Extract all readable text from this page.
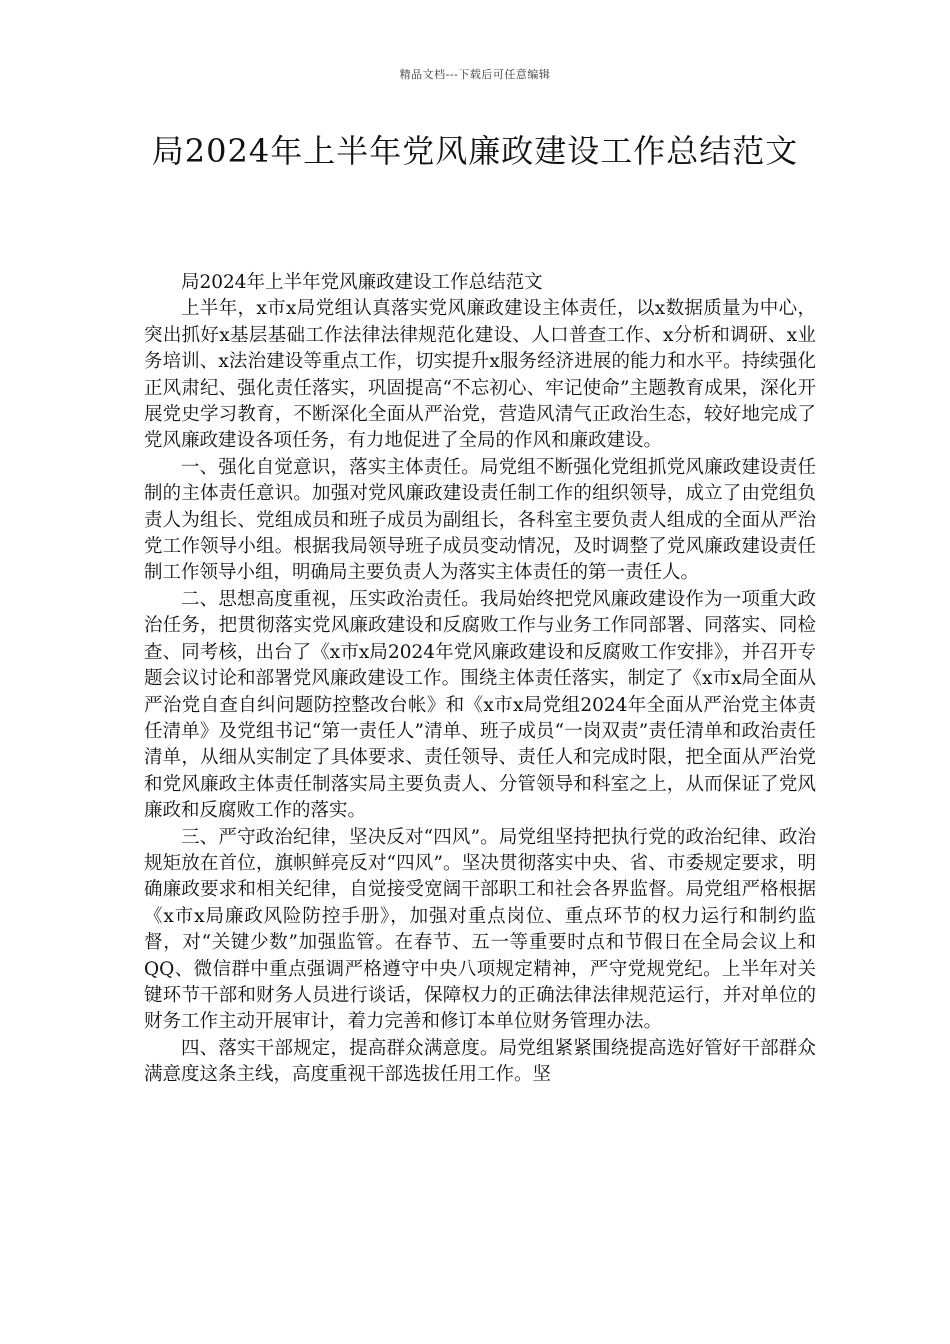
精品文档---下载后可任意编辑
局2024年上半年党风廉政建设工作总结范文

局2024年上半年党风廉政建设工作总结范文

上半年，x市x局党组认真落实党风廉政建设主体责任，以x数据质量为中心，突出抓好x基层基础工作法律法律规范化建设、人口普查工作、x分析和调研、x业务培训、x法治建设等重点工作，切实提升x服务经济进展的能力和水平。持续强化正风肃纪、强化责任落实，巩固提高“不忘初心、牢记使命”主题教育成果，深化开展党史学习教育，不断深化全面从严治党，营造风清气正政治生态，较好地完成了党风廉政建设各项任务，有力地促进了全局的作风和廉政建设。

一、强化自觉意识，落实主体责任。局党组不断强化党组抓党风廉政建设责任制的主体责任意识。加强对党风廉政建设责任制工作的组织领导，成立了由党组负责人为组长、党组成员和班子成员为副组长，各科室主要负责人组成的全面从严治党工作领导小组。根据我局领导班子成员变动情况，及时调整了党风廉政建设责任制工作领导小组，明确局主要负责人为落实主体责任的第一责任人。

二、思想高度重视，压实政治责任。我局始终把党风廉政建设作为一项重大政治任务，把贯彻落实党风廉政建设和反腐败工作与业务工作同部署、同落实、同检查、同考核，出台了《x市x局2024年党风廉政建设和反腐败工作安排》，并召开专题会议讨论和部署党风廉政建设工作。围绕主体责任落实，制定了《x市x局全面从严治党自查自纠问题防控整改台帐》和《x市x局党组2024年全面从严治党主体责任清单》及党组书记“第一责任人”清单、班子成员“一岗双责”责任清单和政治责任清单，从细从实制定了具体要求、责任领导、责任人和完成时限，把全面从严治党和党风廉政主体责任制落实局主要负责人、分管领导和科室之上，从而保证了党风廉政和反腐败工作的落实。

三、严守政治纪律，坚决反对“四风”。局党组坚持把执行党的政治纪律、政治规矩放在首位，旗帜鲜亮反对“四风”。坚决贯彻落实中央、省、市委规定要求，明确廉政要求和相关纪律，自觉接受宽阔干部职工和社会各界监督。局党组严格根据《x市x局廉政风险防控手册》，加强对重点岗位、重点环节的权力运行和制约监督，对“关键少数”加强监管。在春节、五一等重要时点和节假日在全局会议上和QQ、微信群中重点强调严格遵守中央八项规定精神，严守党规党纪。上半年对关键环节干部和财务人员进行谈话，保障权力的正确法律法律规范运行，并对单位的财务工作主动开展审计，着力完善和修订本单位财务管理办法。

四、落实干部规定，提高群众满意度。局党组紧紧围绕提高选好管好干部群众满意度这条主线，高度重视干部选拔任用工作。坚
